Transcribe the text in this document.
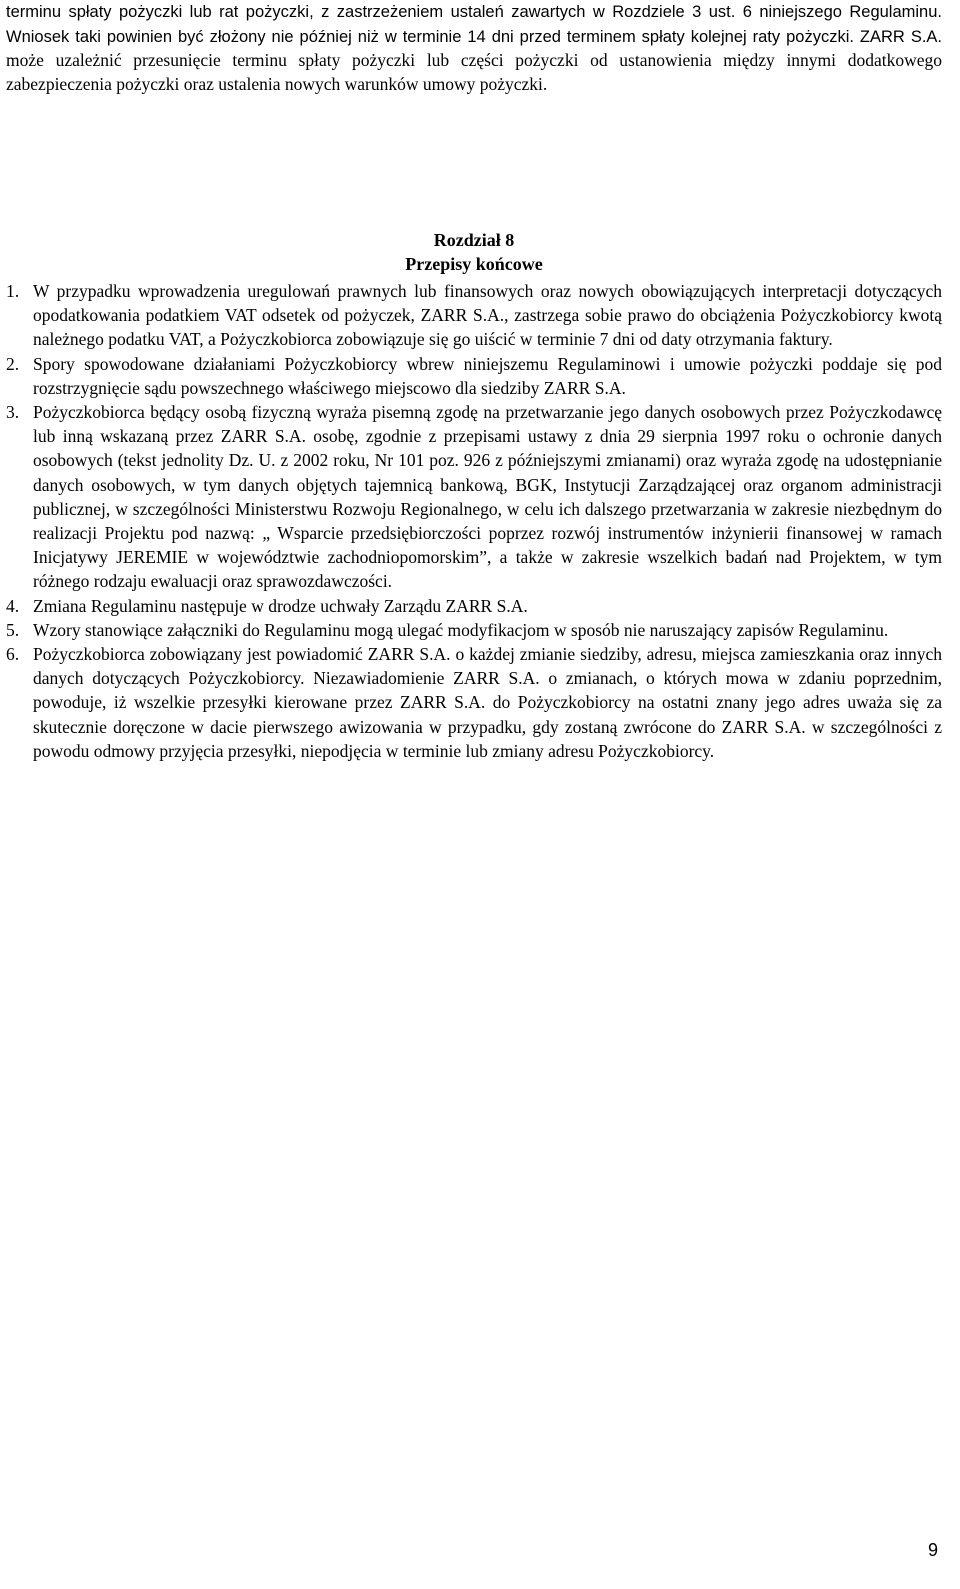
terminu spłaty pożyczki lub rat pożyczki, z zastrzeżeniem ustaleń zawartych w Rozdziele 3 ust. 6 niniejszego Regulaminu. Wniosek taki powinien być złożony nie później niż w terminie 14 dni przed terminem spłaty kolejnej raty pożyczki. ZARR S.A. może uzależnić przesunięcie terminu spłaty pożyczki lub części pożyczki od ustanowienia między innymi dodatkowego zabezpieczenia pożyczki oraz ustalenia nowych warunków umowy pożyczki.

Rozdział 8
Przepisy końcowe
1. W przypadku wprowadzenia uregulowań prawnych lub finansowych oraz nowych obowiązujących interpretacji dotyczących opodatkowania podatkiem VAT odsetek od pożyczek, ZARR S.A., zastrzega sobie prawo do obciążenia Pożyczkobiorcy kwotą należnego podatku VAT, a Pożyczkobiorca zobowiązuje się go uiścić w terminie 7 dni od daty otrzymania faktury.
2. Spory spowodowane działaniami Pożyczkobiorcy wbrew niniejszemu Regulaminowi i umowie pożyczki poddaje się pod rozstrzygnięcie sądu powszechnego właściwego miejscowo dla siedziby ZARR S.A.
3. Pożyczkobiorca będący osobą fizyczną wyraża pisemną zgodę na przetwarzanie jego danych osobowych przez Pożyczkodawcę lub inną wskazaną przez ZARR S.A. osobę, zgodnie z przepisami ustawy z dnia 29 sierpnia 1997 roku o ochronie danych osobowych (tekst jednolity Dz. U. z 2002 roku, Nr 101 poz. 926 z późniejszymi zmianami) oraz wyraża zgodę na udostępnianie danych osobowych, w tym danych objętych tajemnicą bankową, BGK, Instytucji Zarządzającej oraz organom administracji publicznej, w szczególności Ministerstwu Rozwoju Regionalnego, w celu ich dalszego przetwarzania w zakresie niezbędnym do realizacji Projektu pod nazwą: „ Wsparcie przedsiębiorczości poprzez rozwój instrumentów inżynierii finansowej w ramach Inicjatywy JEREMIE w województwie zachodniopomorskim”, a także w zakresie wszelkich badań nad Projektem, w tym różnego rodzaju ewaluacji oraz sprawozdawczości.
4. Zmiana Regulaminu następuje w drodze uchwały Zarządu ZARR S.A.
5. Wzory stanowiące załączniki do Regulaminu mogą ulegać modyfikacjom w sposób nie naruszający zapisów Regulaminu.
6. Pożyczkobiorca zobowiązany jest powiadomić ZARR S.A. o każdej zmianie siedziby, adresu, miejsca zamieszkania oraz innych danych dotyczących Pożyczkobiorcy. Niezawiadomienie ZARR S.A. o zmianach, o których mowa w zdaniu poprzednim, powoduje, iż wszelkie przesyłki kierowane przez ZARR S.A. do Pożyczkobiorcy na ostatni znany jego adres uważa się za skutecznie doręczone w dacie pierwszego awizowania w przypadku, gdy zostaną zwrócone do ZARR S.A. w szczególności z powodu odmowy przyjęcia przesyłki, niepodjęcia w terminie lub zmiany adresu Pożyczkobiorcy.
9
